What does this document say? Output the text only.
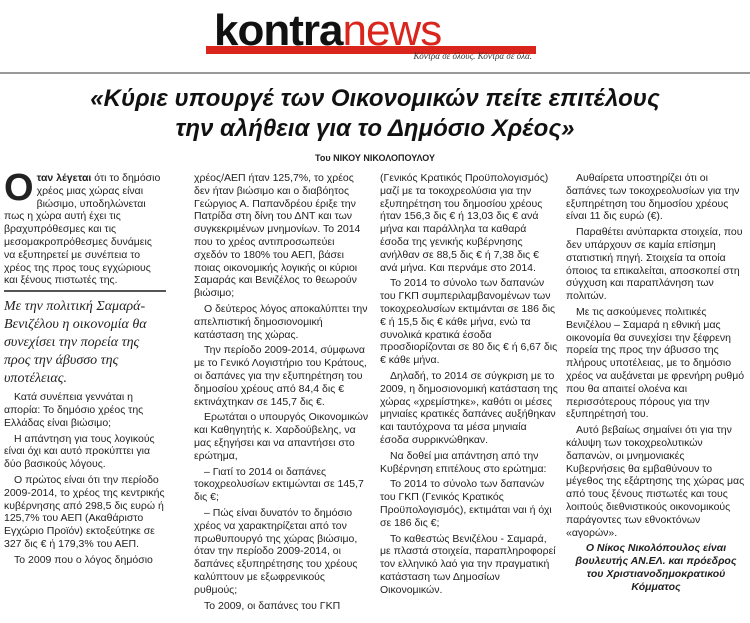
kontranews
Κόντρα σε όλους. Κόντρα σε όλα.
«Κύριε υπουργέ των Οικονομικών πείτε επιτέλους
την αλήθεια για το Δημόσιο Χρέος»
Του ΝΙΚΟΥ ΝΙΚΟΛΟΠΟΥΛΟΥ

Οταν λέγεται ότι το δημόσιο χρέος μιας χώρας είναι βιώσιμο, υποδηλώνεται πως η χώρα αυτή έχει τις βραχυπρόθεσμες και τις μεσομακροπρόθεσμες δυνάμεις να εξυπηρετεί με συνέπεια το χρέος της προς τους εγχώριους και ξένους πιστωτές της.

Με την πολιτική Σαμαρά-Βενιζέλου η οικονομία θα συνεχίσει την πορεία της προς την άβυσσο της υποτέλειας.

Κατά συνέπεια γεννάται η απορία: Το δημόσιο χρέος της Ελλάδας είναι βιώσιμο;

Η απάντηση για τους λογικούς είναι όχι και αυτό προκύπτει για δύο βασικούς λόγους.

Ο πρώτος είναι ότι την περίοδο 2009-2014, το χρέος της κεντρικής κυβέρνησης από 298,5 δις ευρώ ή 125,7% του ΑΕΠ (Ακαθάριστο Εγχώριο Προϊόν) εκτοξεύτηκε σε 327 δις € ή 179,3% του ΑΕΠ.

Το 2009 που ο λόγος δημόσιο

χρέος/ΑΕΠ ήταν 125,7%, το χρέος δεν ήταν βιώσιμο και ο διαβόητος Γεώργιος Α. Παπανδρέου έριξε την Πατρίδα στη δίνη του ΔΝΤ και των συγκεκριμένων μνημονίων. Το 2014 που το χρέος αντιπροσωπεύει σχεδόν το 180% του ΑΕΠ, βάσει ποιας οικονομικής λογικής οι κύριοι Σαμαράς και Βενιζέλος το θεωρούν βιώσιμο;

Ο δεύτερος λόγος αποκαλύπτει την απελπιστική δημοσιονομική κατάσταση της χώρας.

Την περίοδο 2009-2014, σύμφωνα με το Γενικό Λογιστήριο του Κράτους, οι δαπάνες για την εξυπηρέτηση του δημοσίου χρέους από 84,4 δις € εκτινάχτηκαν σε 145,7 δις €.

Ερωτάται ο υπουργός Οικονομικών και Καθηγητής κ. Χαρδούβελης, να μας εξηγήσει και να απαντήσει στο ερώτημα,

– Γιατί το 2014 οι δαπάνες τοκοχρεολυσίων εκτιμώνται σε 145,7 δις €;

– Πώς είναι δυνατόν το δημόσιο χρέος να χαρακτηρίζεται από τον πρωθυπουργό της χώρας βιώσιμο, όταν την περίοδο 2009-2014, οι δαπάνες εξυπηρέτησης του χρέους καλύπτουν με εξωφρενικούς ρυθμούς;

Το 2009, οι δαπάνες του ΓΚΠ

(Γενικός Κρατικός Προϋπολογισμός) μαζί με τα τοκοχρεολύσια για την εξυπηρέτηση του δημοσίου χρέους ήταν 156,3 δις € ή 13,03 δις € ανά μήνα και παράλληλα τα καθαρά έσοδα της γενικής κυβέρνησης ανήλθαν σε 88,5 δις € ή 7,38 δις € ανά μήνα. Και περνάμε στο 2014.

Το 2014 το σύνολο των δαπανών του ΓΚΠ συμπεριλαμβανομένων των τοκοχρεολυσίων εκτιμάνται σε 186 δις € ή 15,5 δις € κάθε μήνα, ενώ τα συνολικά κρατικά έσοδα προσδιορίζονται σε 80 δις € ή 6,67 δις € κάθε μήνα.

Δηλαδή, το 2014 σε σύγκριση με το 2009, η δημοσιονομική κατάσταση της χώρας «χρεμίστηκε», καθότι οι μέσες μηνιαίες κρατικές δαπάνες αυξήθηκαν και ταυτόχρονα τα μέσα μηνιαία έσοδα συρρικνώθηκαν.

Να δοθεί μια απάντηση από την Κυβέρνηση επιτέλους στο ερώτημα:

Το 2014 το σύνολο των δαπανών του ΓΚΠ (Γενικός Κρατικός Προϋπολογισμός), εκτιμάται ναι ή όχι σε 186 δις €;

Το καθεστώς Βενιζέλου - Σαμαρά, με πλαστά στοιχεία, παραπληροφορεί τον ελληνικό λαό για την πραγματική κατάσταση των Δημοσίων Οικονομικών.

Αυθαίρετα υποστηρίζει ότι οι δαπάνες των τοκοχρεολυσίων για την εξυπηρέτηση του δημοσίου χρέους είναι 11 δις ευρώ (€).

Παραθέτει ανύπαρκτα στοιχεία, που δεν υπάρχουν σε καμία επίσημη στατιστική πηγή. Στοιχεία τα οποία όποιος τα επικαλείται, αποσκοπεί στη σύγχυση και παραπλάνηση των πολιτών.

Με τις ασκούμενες πολιτικές Βενιζέλου – Σαμαρά η εθνική μας οικονομία θα συνεχίσει την ξέφρενη πορεία της προς την άβυσσο της πλήρους υποτέλειας, με το δημόσιο χρέος να αυξάνεται με φρενήρη ρυθμό που θα απαιτεί ολοένα και περισσότερους πόρους για την εξυπηρέτησή του.

Αυτό βεβαίως σημαίνει ότι για την κάλυψη των τοκοχρεολυτικών δαπανών, οι μνημονιακές Κυβερνήσεις θα εμβαθύνουν το μέγεθος της εξάρτησης της χώρας μας από τους ξένους πιστωτές και τους λοιπούς διεθνιστικούς οικονομικούς παράγοντες των εθνοκτόνων «αγορών».

Ο Νίκος Νικολόπουλος είναι βουλευτής ΑΝ.ΕΛ. και πρόεδρος του Χριστιανοδημοκρατικού Κόμματος
